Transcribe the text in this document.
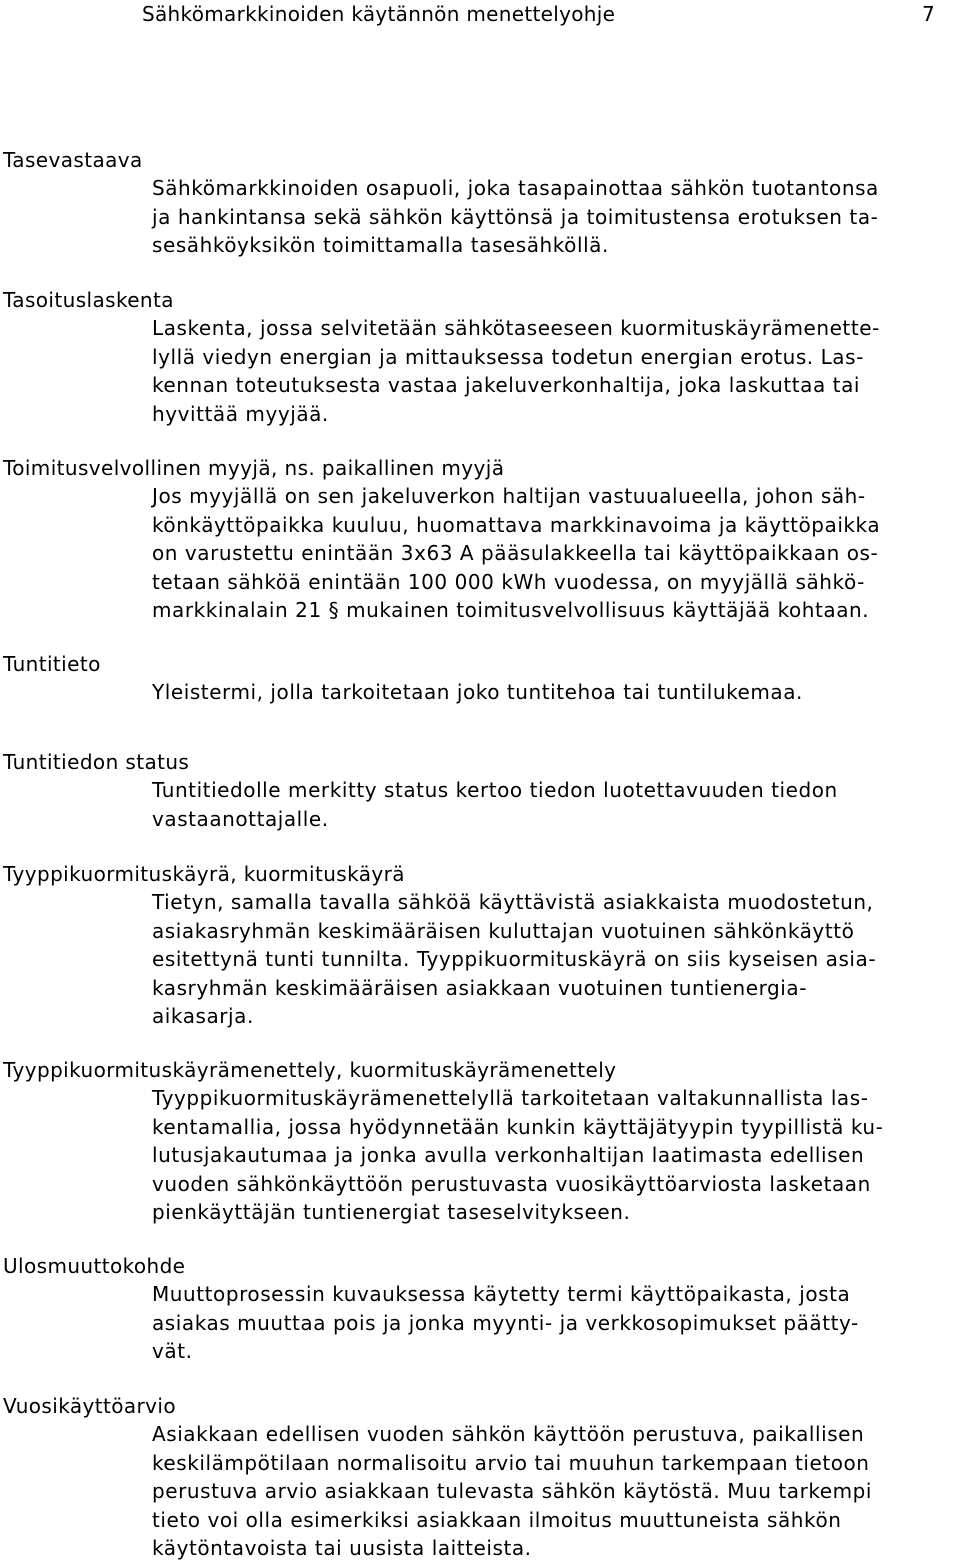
Sähkömarkkinoiden käytännön menettelyohje	7
Tasevastaava
Sähkömarkkinoiden osapuoli, joka tasapainottaa sähkön tuotantonsa
ja hankintansa sekä sähkön käyttönsä ja toimitustensa erotuksen ta-
sesähköyksikön toimittamalla tasesähköllä.
Tasoituslaskenta
Laskenta, jossa selvitetään sähkötaseeseen kuormituskäyrämenette-
lyllä viedyn energian ja mittauksessa todetun energian erotus. Las-
kennan toteutuksesta vastaa jakeluverkonhaltija, joka laskuttaa tai
hyvittää myyjää.
Toimitusvelvollinen myyjä, ns. paikallinen myyjä
Jos myyjällä on sen jakeluverkon haltijan vastuualueella, johon säh-
könkäyttöpaikka kuuluu, huomattava markkinavoima ja käyttöpaikka
on varustettu enintään 3x63 A pääsulakkeella tai käyttöpaikkaan os-
tetaan sähköä enintään 100 000 kWh vuodessa, on myyjällä sähkö-
markkinalain 21 § mukainen toimitusvelvollisuus käyttäjää kohtaan.
Tuntitieto
Yleistermi, jolla tarkoitetaan joko tuntitehoa tai tuntilukemaa.
Tuntitiedon status
Tuntitiedolle merkitty status kertoo tiedon luotettavuuden tiedon
vastaanottajalle.
Tyyppikuormituskäyrä, kuormituskäyrä
Tietyn, samalla tavalla sähköä käyttävistä asiakkaista muodostetun,
asiakasryhmän keskimääräisen kuluttajan vuotuinen sähkönkäyttö
esitettynä tunti tunnilta. Tyyppikuormituskäyrä on siis kyseisen asia-
kasryhmän keskimääräisen asiakkaan vuotuinen tuntienergia-
aikasarja.
Tyyppikuormituskäyrämenettely, kuormituskäyrämenettely
Tyyppikuormituskäyrämenettelyllä tarkoitetaan valtakunnallista las-
kentamallia, jossa hyödynnetään kunkin käyttäjätyypin tyypillistä ku-
lutusjakautumaa ja jonka avulla verkonhaltijan laatimasta edellisen
vuoden sähkönkäyttöön perustuvasta vuosikäyttöarviosta lasketaan
pienkäyttäjän tuntienergiat taseselvitykseen.
Ulosmuuttokohde
Muuttoprosessin kuvauksessa käytetty termi käyttöpaikasta, josta
asiakas muuttaa pois ja jonka myynti- ja verkkosopimukset päätty-
vät.
Vuosikäyttöarvio
Asiakkaan edellisen vuoden sähkön käyttöön perustuva, paikallisen
keskilämpötilaan normalisoitu arvio tai muuhun tarkempaan tietoon
perustuva arvio asiakkaan tulevasta sähkön käytöstä. Muu tarkempi
tieto voi olla esimerkiksi asiakkaan ilmoitus muuttuneista sähkön
käytöntavoista tai uusista laitteista.
